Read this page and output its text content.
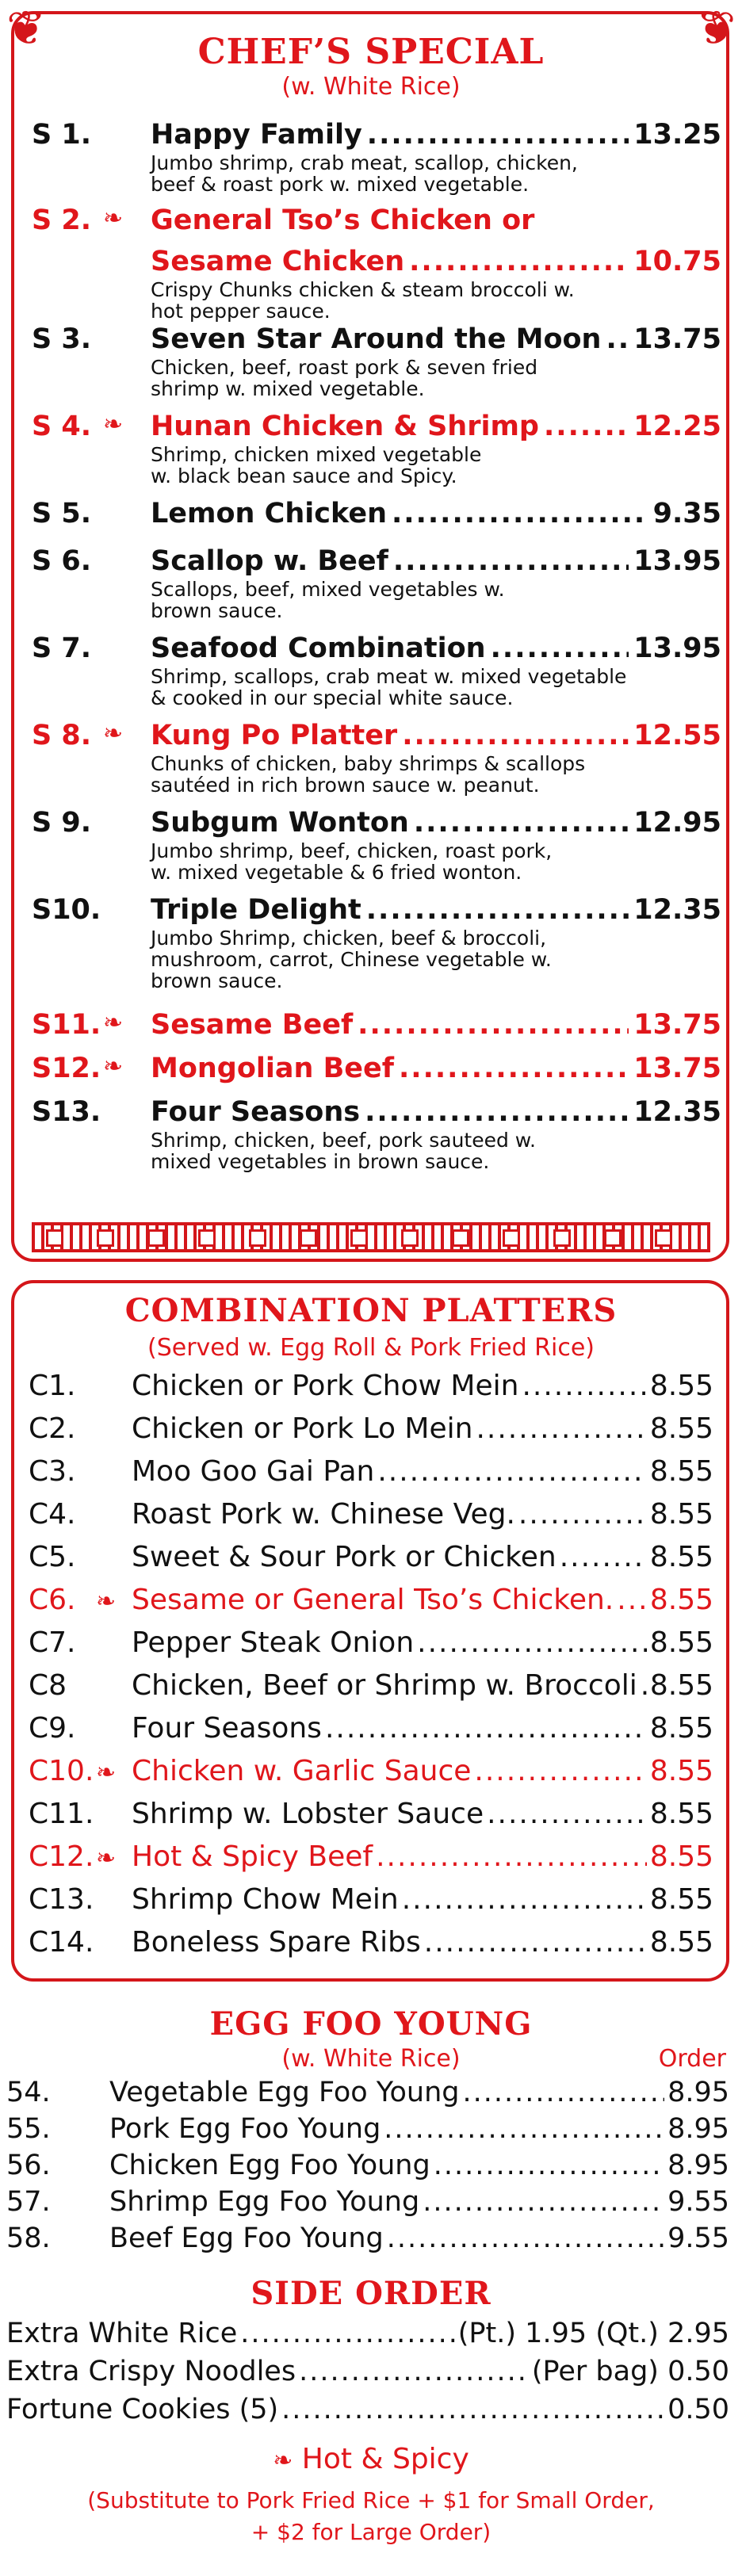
❦	❦
CHEF’S SPECIAL
(w. White Rice)
S 1. Happy Family .....	13.25
Jumbo shrimp, crab meat, scallop, chicken,
beef & roast pork w. mixed vegetable.
S 2. ❧ General Tso’s Chicken or
Sesame Chicken .....	10.75
Crispy Chunks chicken & steam broccoli w.
hot pepper sauce.
S 3. Seven Star Around the Moon ..... 13.75
Chicken, beef, roast pork & seven fried
shrimp w. mixed vegetable.
S 4. ❧ Hunan Chicken & Shrimp .....	12.25
Shrimp, chicken mixed vegetable
w. black bean sauce and Spicy.
S 5. Lemon Chicken .....	9.35
S 6. Scallop w. Beef .....	13.95
Scallops, beef, mixed vegetables w.
brown sauce.
S 7. Seafood Combination .....	13.95
Shrimp, scallops, crab meat w. mixed vegetable
& cooked in our special white sauce.
S 8. ❧ Kung Po Platter .....	12.55
Chunks of chicken, baby shrimps & scallops
sautéed in rich brown sauce w. peanut.
S 9. Subgum Wonton .....	12.95
Jumbo shrimp, beef, chicken, roast pork,
w. mixed vegetable & 6 fried wonton.
S10. Triple Delight .....	12.35
Jumbo Shrimp, chicken, beef & broccoli,
mushroom, carrot, Chinese vegetable w.
brown sauce.
S11. ❧ Sesame Beef .....	13.75
S12. ❧ Mongolian Beef .....	13.75
S13. Four Seasons .....	12.35
Shrimp, chicken, beef, pork sauteed w.
mixed vegetables in brown sauce.
COMBINATION PLATTERS
(Served w. Egg Roll & Pork Fried Rice)
C1.	Chicken or Pork Chow Mein .....	8.55
C2.	Chicken or Pork Lo Mein .....	8.55
C3.	Moo Goo Gai Pan .....	8.55
C4.	Roast Pork w. Chinese Veg. .....	8.55
C5.	Sweet & Sour Pork or Chicken .....	8.55
C6. ❧ Sesame or General Tso’s Chicken. ..... 8.55
C7.	Pepper Steak Onion .....	8.55
C8	Chicken, Beef or Shrimp w. Broccoli ..... 8.55
C9.	Four Seasons .....	8.55
C10. ❧ Chicken w. Garlic Sauce .....	8.55
C11.	Shrimp w. Lobster Sauce .....	8.55
C12. ❧ Hot & Spicy Beef .....	8.55
C13.	Shrimp Chow Mein .....	8.55
C14.	Boneless Spare Ribs .....	8.55
EGG FOO YOUNG
(w. White Rice)	Order
54.	Vegetable Egg Foo Young .....	8.95
55.	Pork Egg Foo Young .....	8.95
56.	Chicken Egg Foo Young .....	8.95
57.	Shrimp Egg Foo Young .....	9.55
58.	Beef Egg Foo Young .....	9.55
SIDE ORDER
Extra White Rice .....	(Pt.) 1.95 (Qt.) 2.95
Extra Crispy Noodles .....	(Per bag) 0.50
Fortune Cookies (5) .....	0.50
❧ Hot & Spicy
(Substitute to Pork Fried Rice + $1 for Small Order,
+ $2 for Large Order)
